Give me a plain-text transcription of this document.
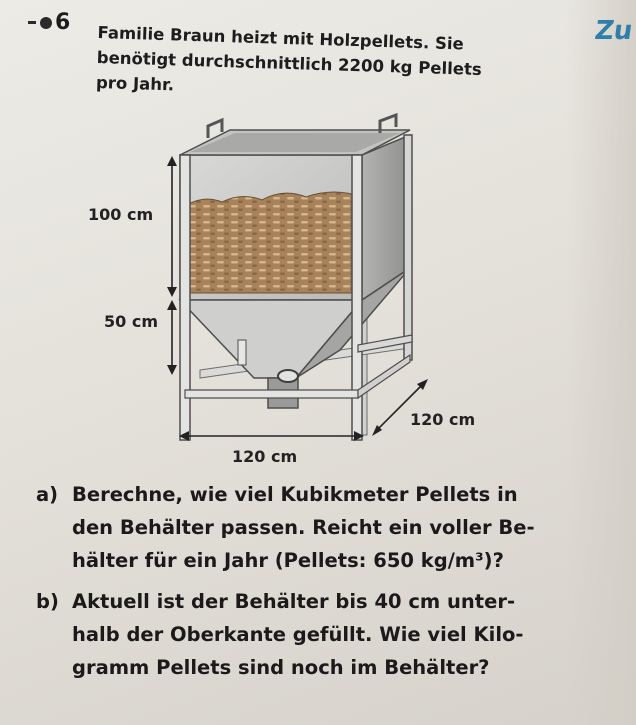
Zu
6

Familie Braun heizt mit Holzpellets. Sie
benötigt durchschnittlich 2200 kg Pellets
pro Jahr.

100 cm
50 cm
120 cm
120 cm
a) Berechne, wie viel Kubikmeter Pellets in
den Behälter passen. Reicht ein voller Be-
hälter für ein Jahr (Pellets: 650 kg/m³)?
b) Aktuell ist der Behälter bis 40 cm unter-
halb der Oberkante gefüllt. Wie viel Kilo-
gramm Pellets sind noch im Behälter?
